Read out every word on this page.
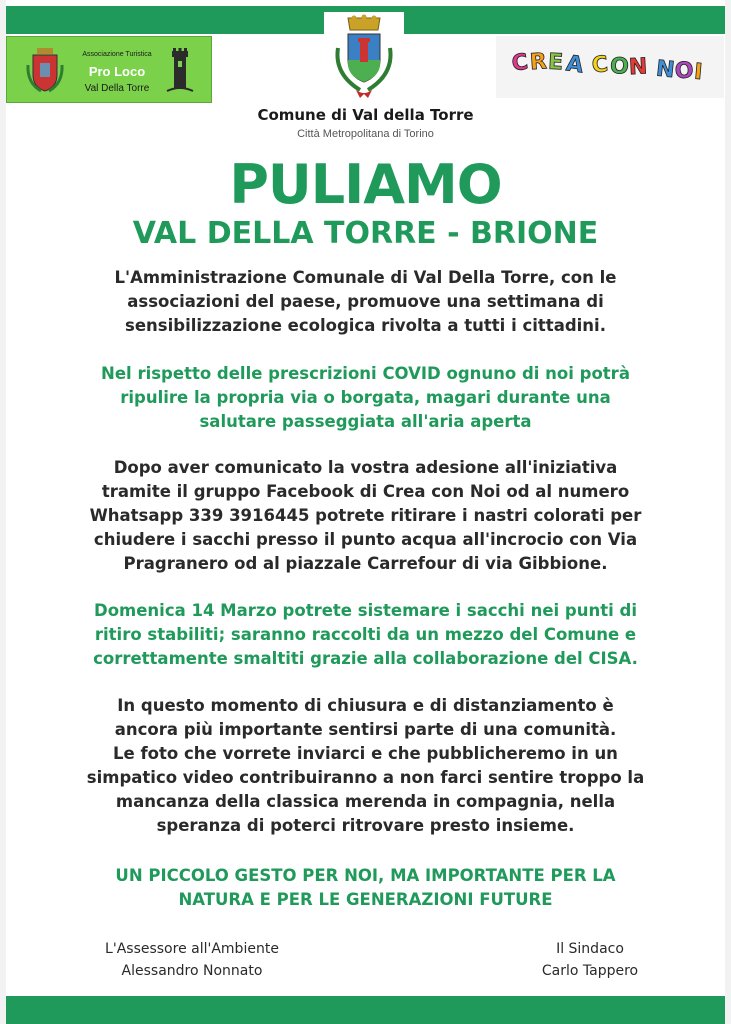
Associazione Turistica
Pro Loco
Val Della Torre
C R E A C O
N N
O
I
Comune di Val della Torre
Città Metropolitana di Torino
PULIAMO
VAL DELLA TORRE - BRIONE
L'Amministrazione Comunale di Val Della Torre, con le
associazioni del paese, promuove una settimana di
sensibilizzazione ecologica rivolta a tutti i cittadini.
Nel rispetto delle prescrizioni COVID ognuno di noi potrà
ripulire la propria via o borgata, magari durante una
salutare passeggiata all'aria aperta
Dopo aver comunicato la vostra adesione all'iniziativa
tramite il gruppo Facebook di Crea con Noi od al numero
Whatsapp 339 3916445 potrete ritirare i nastri colorati per
chiudere i sacchi presso il punto acqua all'incrocio con Via
Pragranero od al piazzale Carrefour di via Gibbione.
Domenica 14 Marzo potrete sistemare i sacchi nei punti di
ritiro stabiliti; saranno raccolti da un mezzo del Comune e
correttamente smaltiti grazie alla collaborazione del CISA.
In questo momento di chiusura e di distanziamento è
ancora più importante sentirsi parte di una comunità.
Le foto che vorrete inviarci e che pubblicheremo in un
simpatico video contribuiranno a non farci sentire troppo la
mancanza della classica merenda in compagnia, nella
speranza di poterci ritrovare presto insieme.
UN PICCOLO GESTO PER NOI, MA IMPORTANTE PER LA
NATURA E PER LE GENERAZIONI FUTURE
L'Assessore all'Ambiente
Alessandro Nonnato
Il Sindaco
Carlo Tappero
